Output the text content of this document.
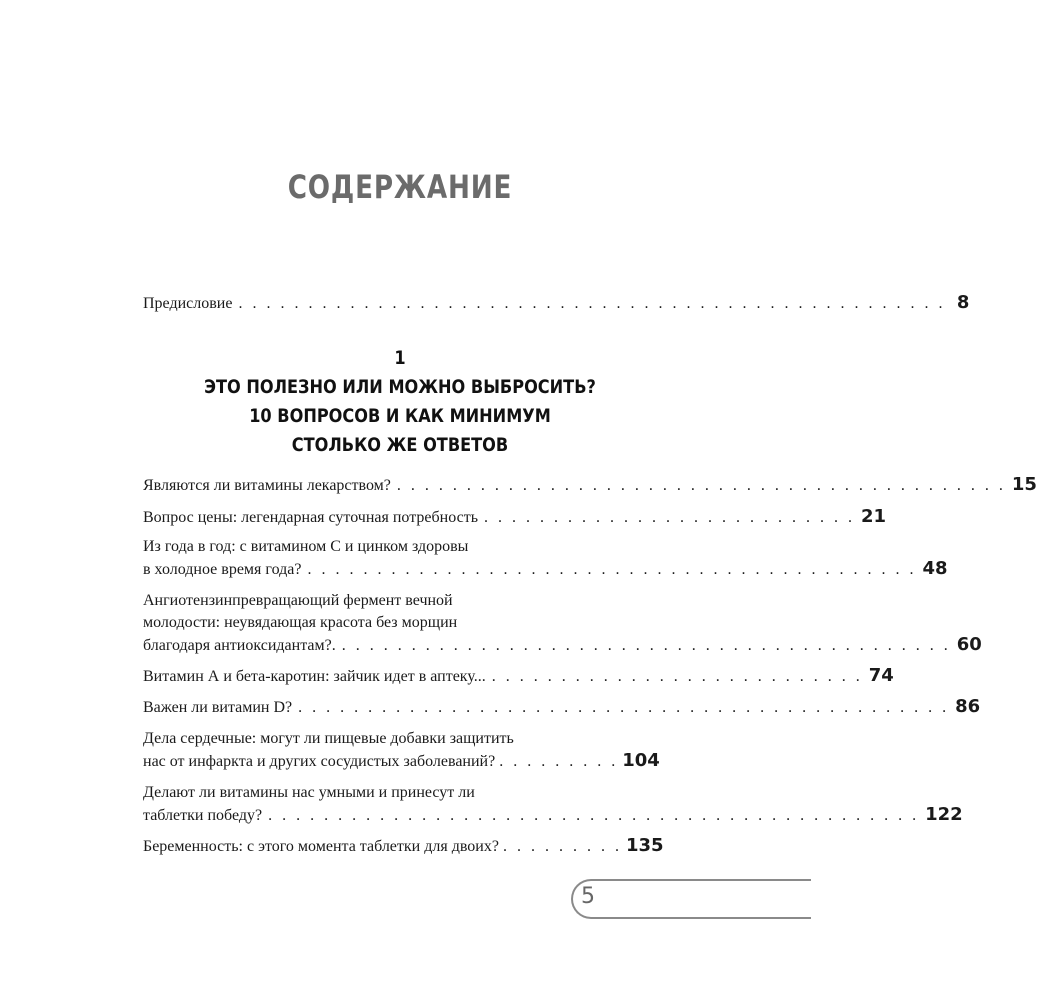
СОДЕРЖАНИЕ
Предисловие . . . . . . . . . . . . . . . . . . . . . . . . . . . . . . . . . . . . . . . . . . . . . . . . . . . 8
Являются ли витамины лекарством? . . . . . . . . . . . . . . . . . . . . . . . . . . . . . . . . . . . . . . . . . . . . 15
Вопрос цены: легендарная суточная потребность . . . . . . . . . . . . . . . . . . . . . . . . . . . 21
Из года в год: с витамином С и цинком здоровы
в холодное время года? . . . . . . . . . . . . . . . . . . . . . . . . . . . . . . . . . . . . . . . . . . . . 48
Ангиотензинпревращающий фермент вечной
молодости: неувядающая красота без морщин
благодаря антиоксидантам?. . . . . . . . . . . . . . . . . . . . . . . . . . . . . . . . . . . . . . . . . . . . . 60
Витамин А и бета-каротин: зайчик идет в аптеку... . . . . . . . . . . . . . . . . . . . . . . . . . . . 74
Важен ли витамин D? . . . . . . . . . . . . . . . . . . . . . . . . . . . . . . . . . . . . . . . . . . . . . . . 86
Дела сердечные: могут ли пищевые добавки защитить
нас от инфаркта и других сосудистых заболеваний? . . . . . . . . . 104
Делают ли витамины нас умными и принесут ли
таблетки победу? . . . . . . . . . . . . . . . . . . . . . . . . . . . . . . . . . . . . . . . . . . . . . . . 122
Беременность: с этого момента таблетки для двоих? . . . . . . . . . 135
1
ЭТО ПОЛЕЗНО ИЛИ МОЖНО ВЫБРОСИТЬ?
10 ВОПРОСОВ И КАК МИНИМУМ
СТОЛЬКО ЖЕ ОТВЕТОВ
5
